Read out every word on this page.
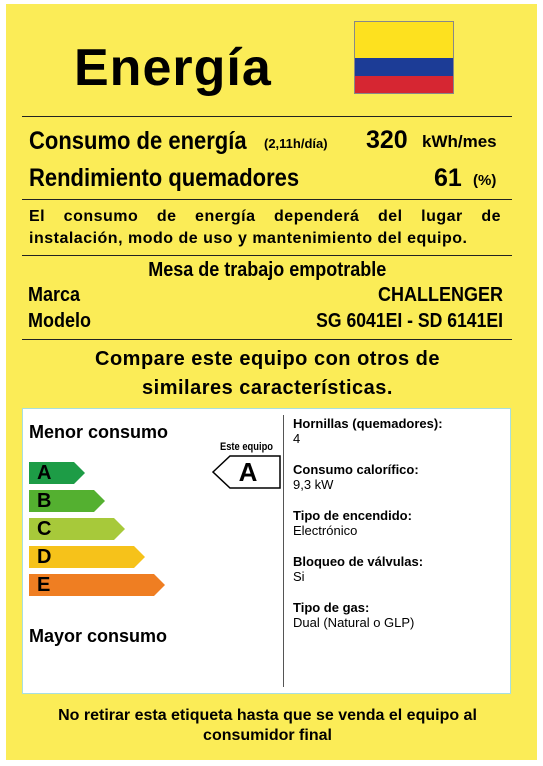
Energía
Consumo de energía	(2,11h/día) 320 kWh/mes
Rendimiento quemadores	61 (%)
El consumo de energía dependerá del lugar de instalación, modo de uso y mantenimiento del equipo.
Mesa de trabajo empotrable
Marca	CHALLENGER
Modelo	SG 6041EI - SD 6141EI
Compare este equipo con otros de
similares características.
Menor consumo
A
B
C
D
E
Mayor consumo
Este equipo
A
Hornillas (quemadores):
4
Consumo calorífico:
9,3 kW
Tipo de encendido:
Electrónico
Bloqueo de válvulas:
Si
Tipo de gas:
Dual (Natural o GLP)
No retirar esta etiqueta hasta que se venda el equipo al consumidor final
